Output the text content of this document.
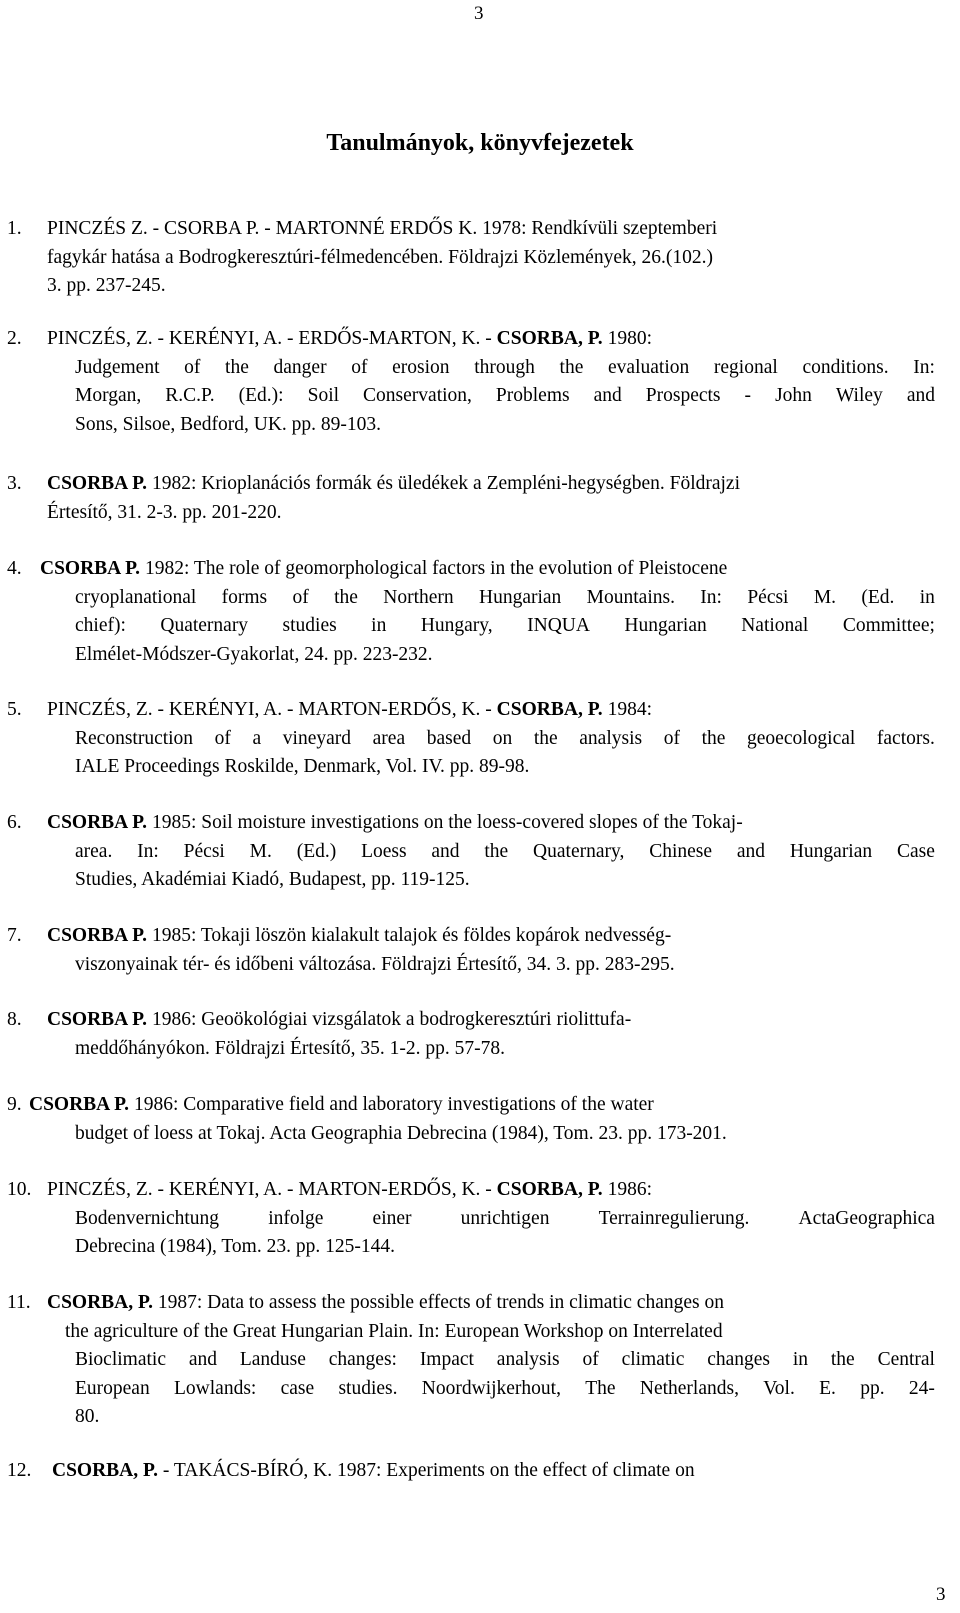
3
Tanulmányok, könyvfejezetek
1. PINCZÉS Z. - CSORBA P. - MARTONNÉ ERDŐS K. 1978: Rendkívüli szeptemberi
fagykár hatása a Bodrogkeresztúri-félmedencében. Földrajzi Közlemények, 26.(102.)
3. pp. 237-245.
2. PINCZÉS, Z. - KERÉNYI, A. - ERDŐS-MARTON, K. - CSORBA, P. 1980:
Judgement of the danger of erosion through the evaluation regional conditions. In:
Morgan, R.C.P. (Ed.): Soil Conservation, Problems and Prospects - John Wiley and
Sons, Silsoe, Bedford, UK. pp. 89-103.
3. CSORBA P. 1982: Krioplanációs formák és üledékek a Zempléni-hegységben. Földrajzi
Értesítő, 31. 2-3. pp. 201-220.
4. CSORBA P. 1982: The role of geomorphological factors in the evolution of Pleistocene
cryoplanational forms of the Northern Hungarian Mountains. In: Pécsi M. (Ed. in
chief): Quaternary studies in Hungary, INQUA Hungarian National Committee;
Elmélet-Módszer-Gyakorlat, 24. pp. 223-232.
5. PINCZÉS, Z. - KERÉNYI, A. - MARTON-ERDŐS, K. - CSORBA, P. 1984:
Reconstruction of a vineyard area based on the analysis of the geoecological factors.
IALE Proceedings Roskilde, Denmark, Vol. IV. pp. 89-98.
6. CSORBA P. 1985: Soil moisture investigations on the loess-covered slopes of the Tokaj-
area. In: Pécsi M. (Ed.) Loess and the Quaternary, Chinese and Hungarian Case
Studies, Akadémiai Kiadó, Budapest, pp. 119-125.
7. CSORBA P. 1985: Tokaji löszön kialakult talajok és földes kopárok nedvesség-
viszonyainak tér- és időbeni változása. Földrajzi Értesítő, 34. 3. pp. 283-295.
8. CSORBA P. 1986: Geoökológiai vizsgálatok a bodrogkeresztúri riolittufa-
meddőhányókon. Földrajzi Értesítő, 35. 1-2. pp. 57-78.
9. CSORBA P. 1986: Comparative field and laboratory investigations of the water
budget of loess at Tokaj. Acta Geographia Debrecina (1984), Tom. 23. pp. 173-201.
10. PINCZÉS, Z. - KERÉNYI, A. - MARTON-ERDŐS, K. - CSORBA, P. 1986:
Bodenvernichtung	infolge	einer	unrichtigen	Terrainregulierung.	ActaGeographica
Debrecina (1984), Tom. 23. pp. 125-144.
11. CSORBA, P. 1987: Data to assess the possible effects of trends in climatic changes on
the agriculture of the Great Hungarian Plain. In: European Workshop on Interrelated
Bioclimatic and Landuse changes: Impact analysis of climatic changes in the Central
European Lowlands: case studies. Noordwijkerhout, The Netherlands, Vol. E. pp. 24-
80.
12. CSORBA, P. - TAKÁCS-BÍRÓ, K. 1987: Experiments on the effect of climate on
3
